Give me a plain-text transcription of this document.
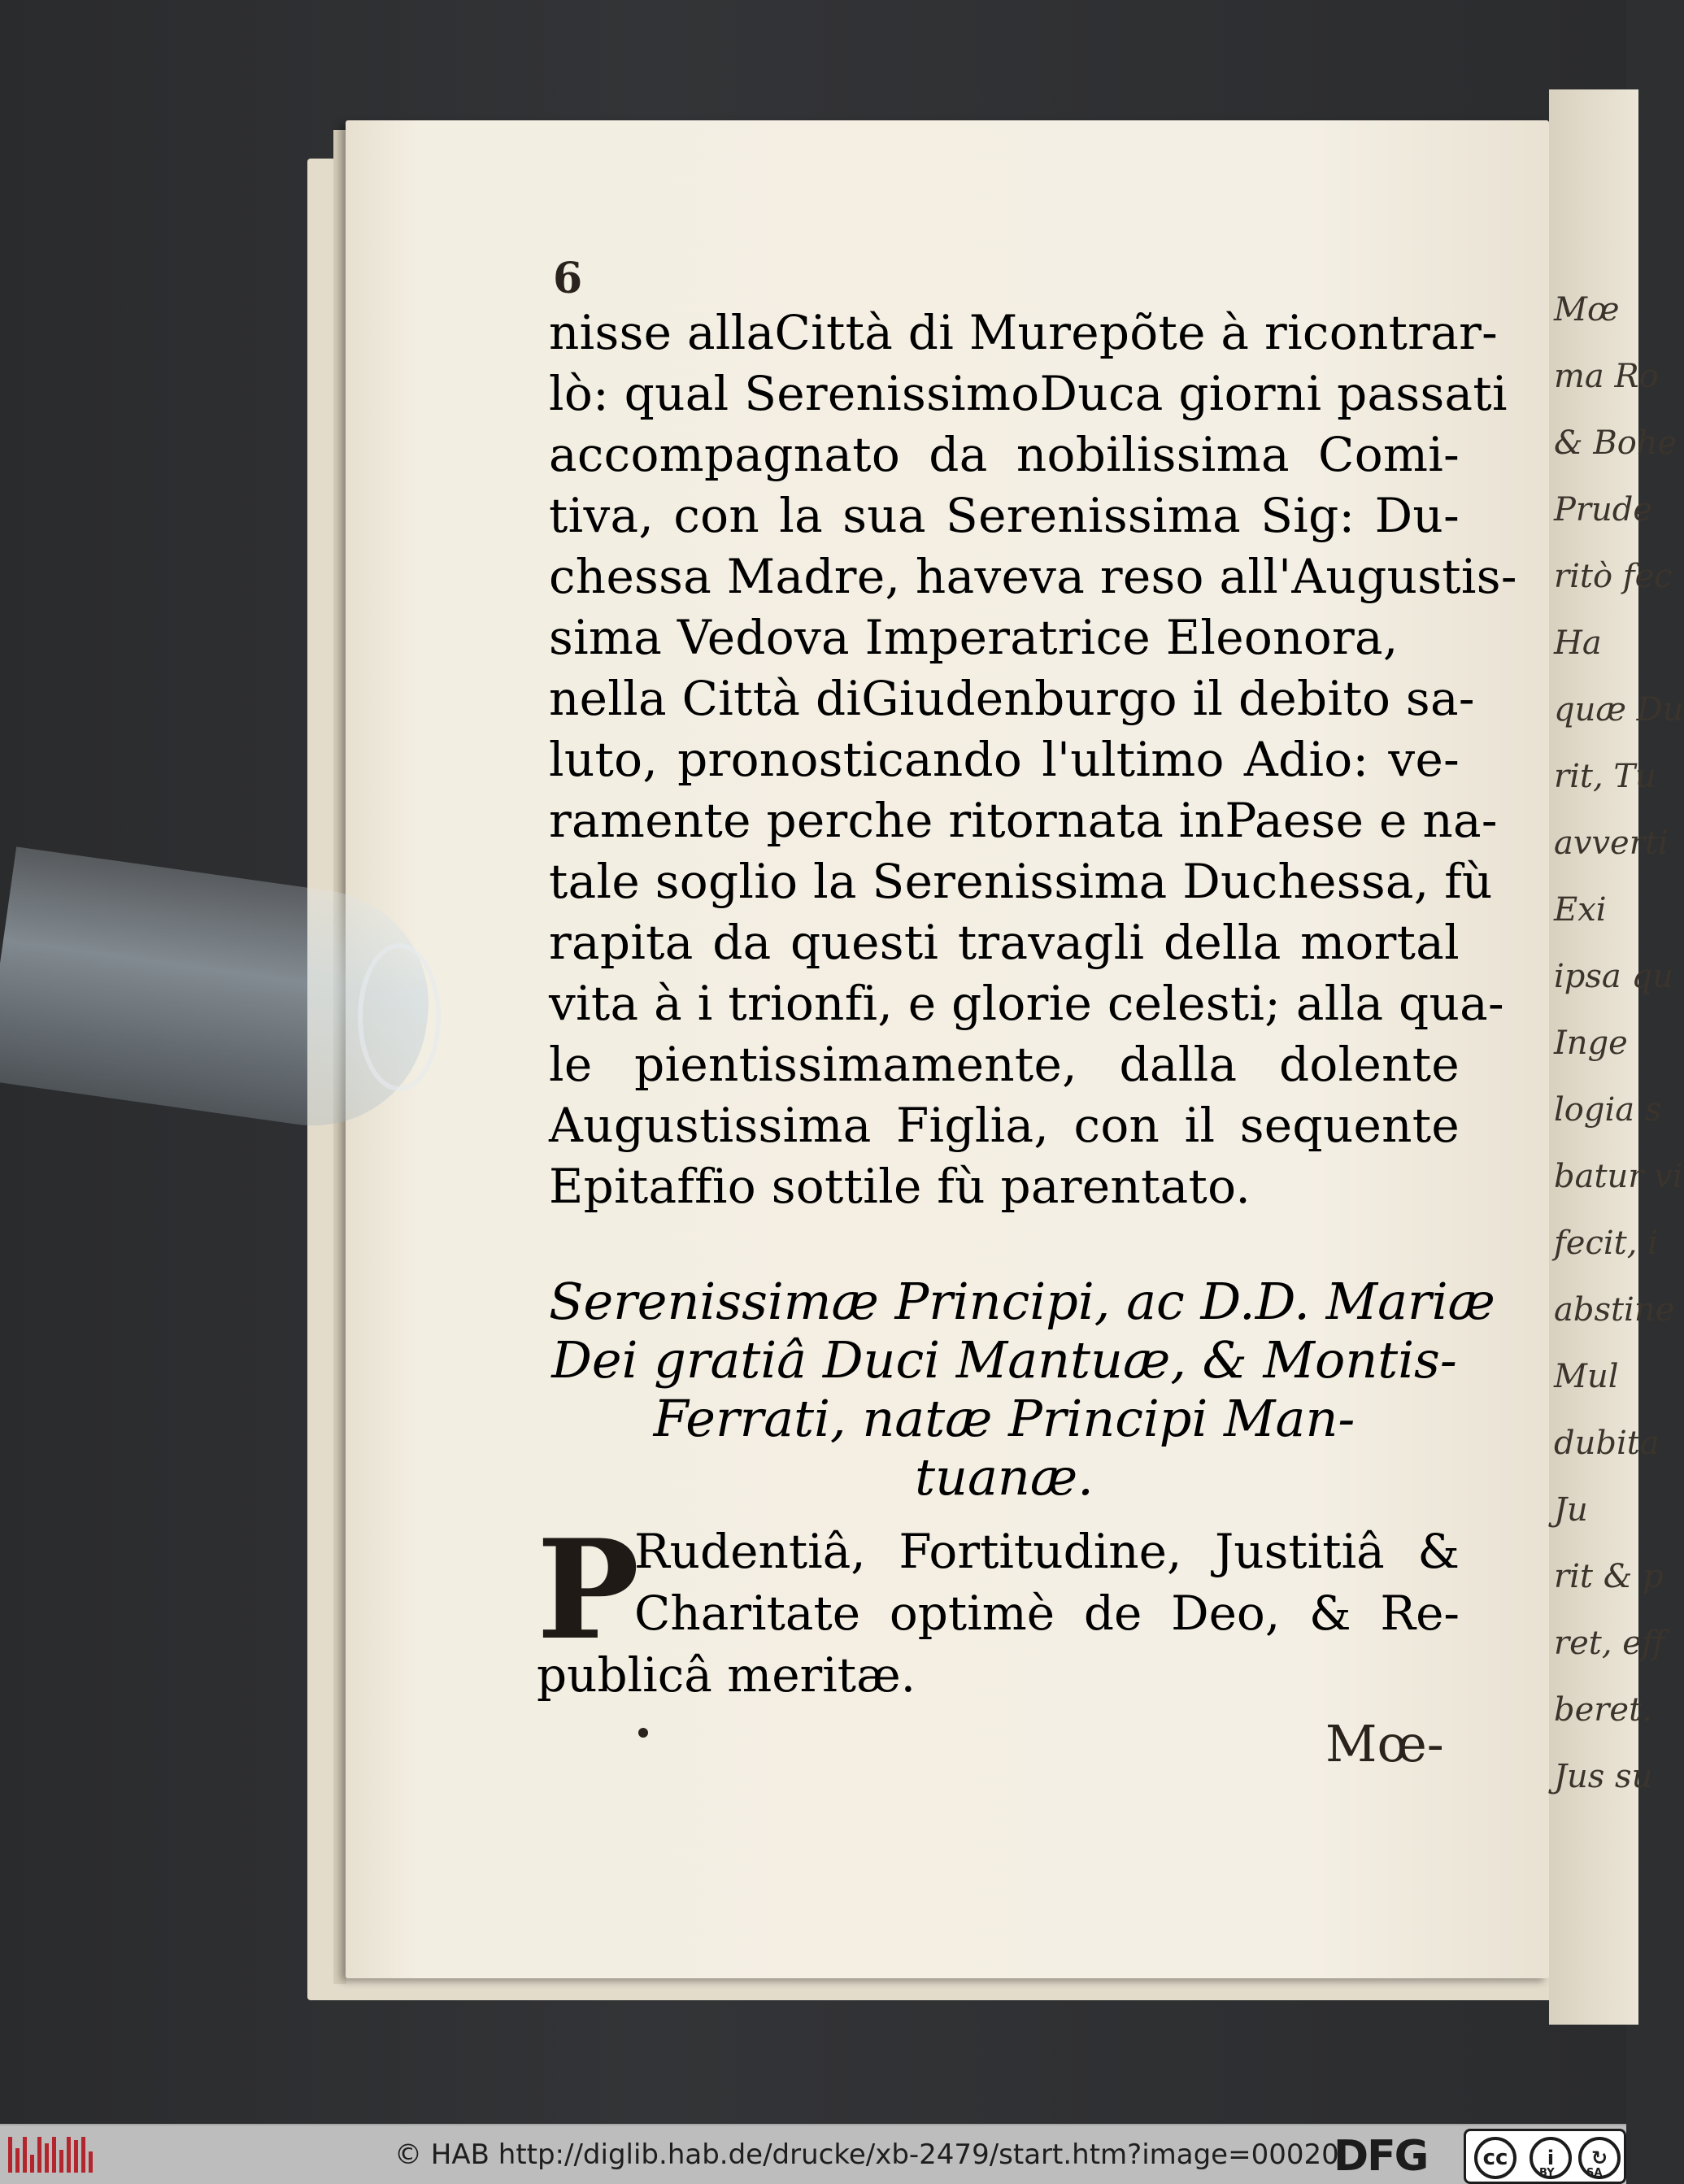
Mœ
ma Ro
& Bohe
Prude
ritò fec
Ha
quæ Du
rit, Tu
avverti
Exi
ipsa qu
Inge
logia s
batur vi
fecit, i
abstine
Mul
dubita
Ju
rit & p
ret, eff
beret.
Jus su
6
nisse allaCittà di Murepõte à ricontrar-
lò: qual SerenissimoDuca giorni passati
accompagnato da nobilissima Comi-
tiva, con la sua Serenissima Sig: Du-
chessa Madre, haveva reso all'Augustis-
sima Vedova Imperatrice Eleonora,
nella Città diGiudenburgo il debito sa-
luto, pronosticando l'ultimo Adio: ve-
ramente perche ritornata inPaese e na-
tale soglio la Serenissima Duchessa, fù
rapita da questi travagli della mortal
vita à i trionfi, e glorie celesti; alla qua-
le pientissimamente, dalla dolente
Augustissima Figlia, con il sequente
Epitaffio sottile fù parentato.
Serenissimæ Principi, ac D.D. Mariæ
Dei gratiâ Duci Mantuæ, & Montis-
Ferrati, natæ Principi Man-
tuanæ.
P
Rudentiâ, Fortitudine, Justitiâ &
Charitate optimè de Deo, & Re-
publicâ meritæ.
Mœ-
© HAB http://diglib.hab.de/drucke/xb-2479/start.htm?image=00020
DFG	cc	i
BY
↻
SA
